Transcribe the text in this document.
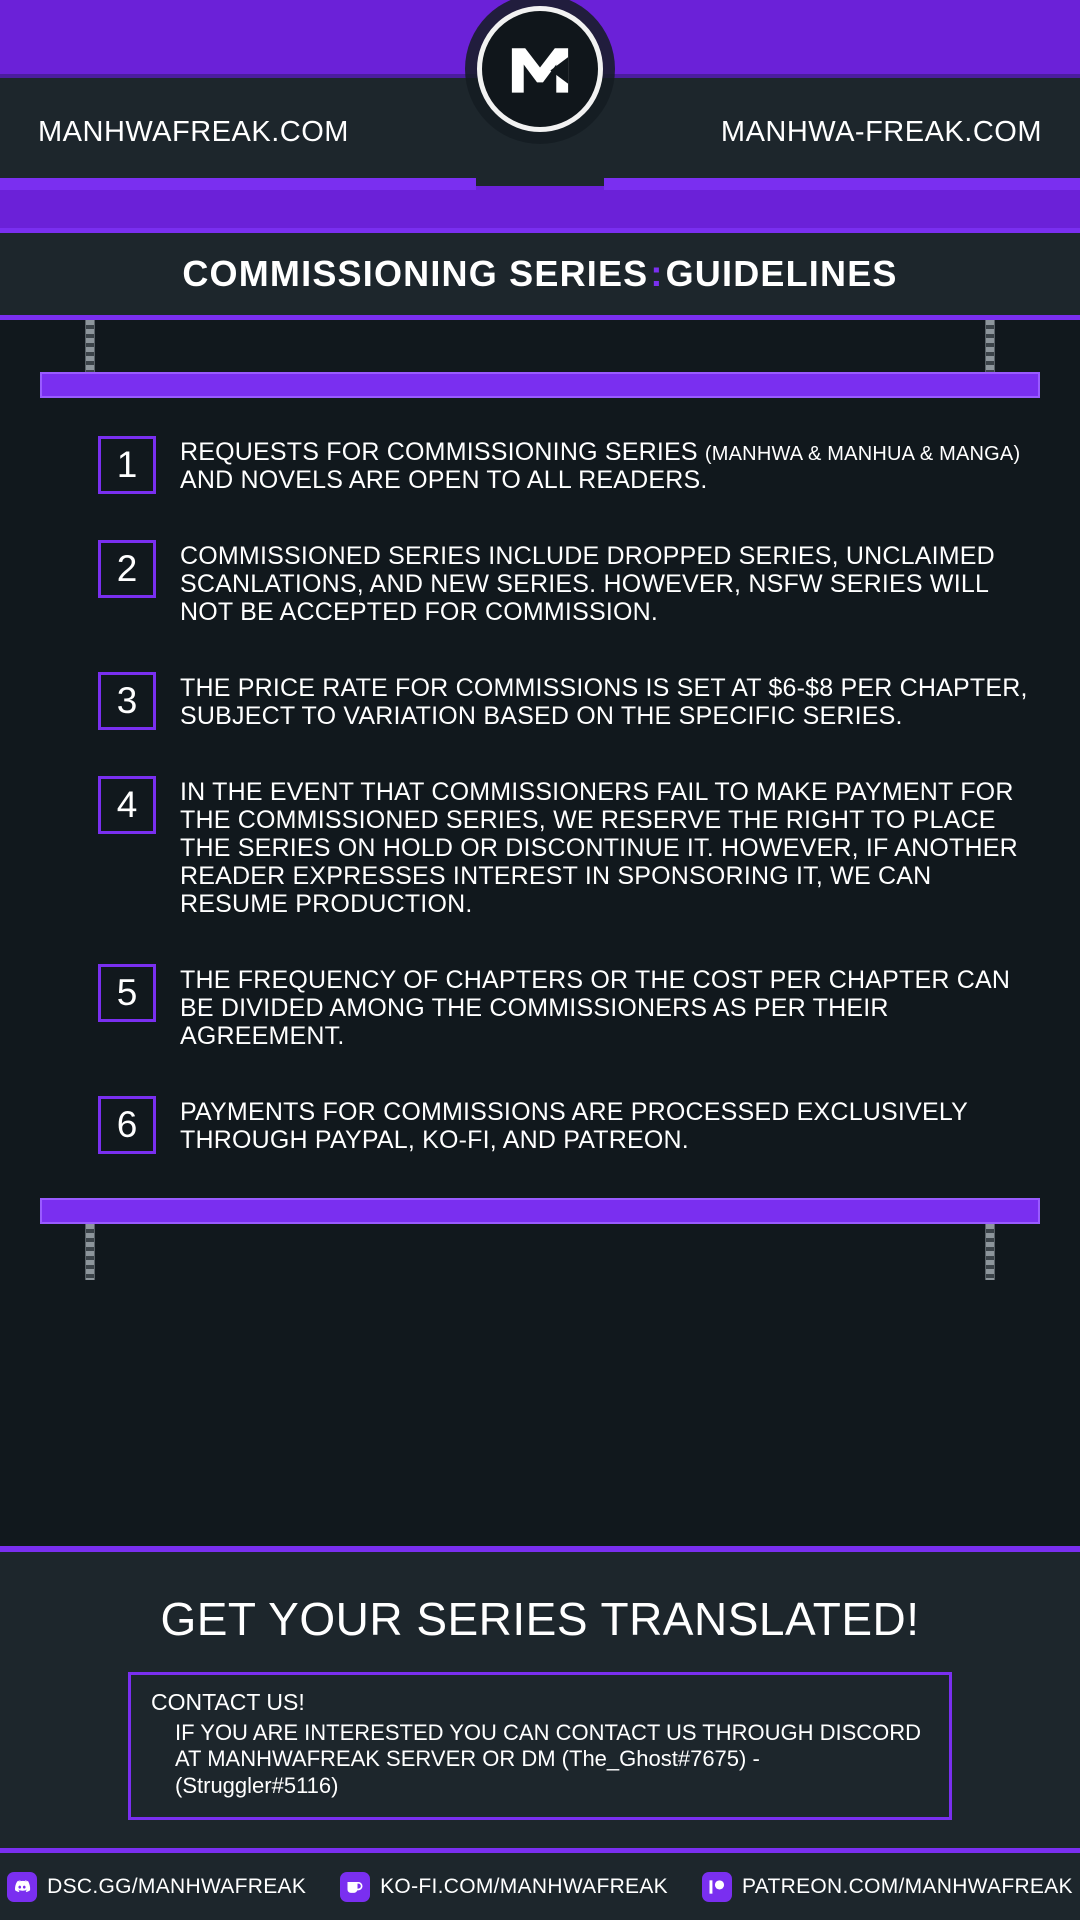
MANHWAFREAK.COM	MANHWA-FREAK.COM
COMMISSIONING SERIES:GUIDELINES
1	REQUESTS FOR COMMISSIONING SERIES (MANHWA & MANHUA & MANGA) AND NOVELS ARE OPEN TO ALL READERS.
2	COMMISSIONED SERIES INCLUDE DROPPED SERIES, UNCLAIMED SCANLATIONS, AND NEW SERIES. HOWEVER, NSFW SERIES WILL NOT BE ACCEPTED FOR COMMISSION.
3	THE PRICE RATE FOR COMMISSIONS IS SET AT $6-$8 PER CHAPTER, SUBJECT TO VARIATION BASED ON THE SPECIFIC SERIES.
4	IN THE EVENT THAT COMMISSIONERS FAIL TO MAKE PAYMENT FOR THE COMMISSIONED SERIES, WE RESERVE THE RIGHT TO PLACE THE SERIES ON HOLD OR DISCONTINUE IT. HOWEVER, IF ANOTHER READER EXPRESSES INTEREST IN SPONSORING IT, WE CAN RESUME PRODUCTION.
5	THE FREQUENCY OF CHAPTERS OR THE COST PER CHAPTER CAN BE DIVIDED AMONG THE COMMISSIONERS AS PER THEIR AGREEMENT.
6	PAYMENTS FOR COMMISSIONS ARE PROCESSED EXCLUSIVELY THROUGH PAYPAL, KO-FI, AND PATREON.
GET YOUR SERIES TRANSLATED!
CONTACT US!
IF YOU ARE INTERESTED YOU CAN CONTACT US THROUGH DISCORD
AT MANHWAFREAK SERVER OR DM (The_Ghost#7675) - (Struggler#5116)
DSC.GG/MANHWAFREAK	KO-FI.COM/MANHWAFREAK	PATREON.COM/MANHWAFREAK
